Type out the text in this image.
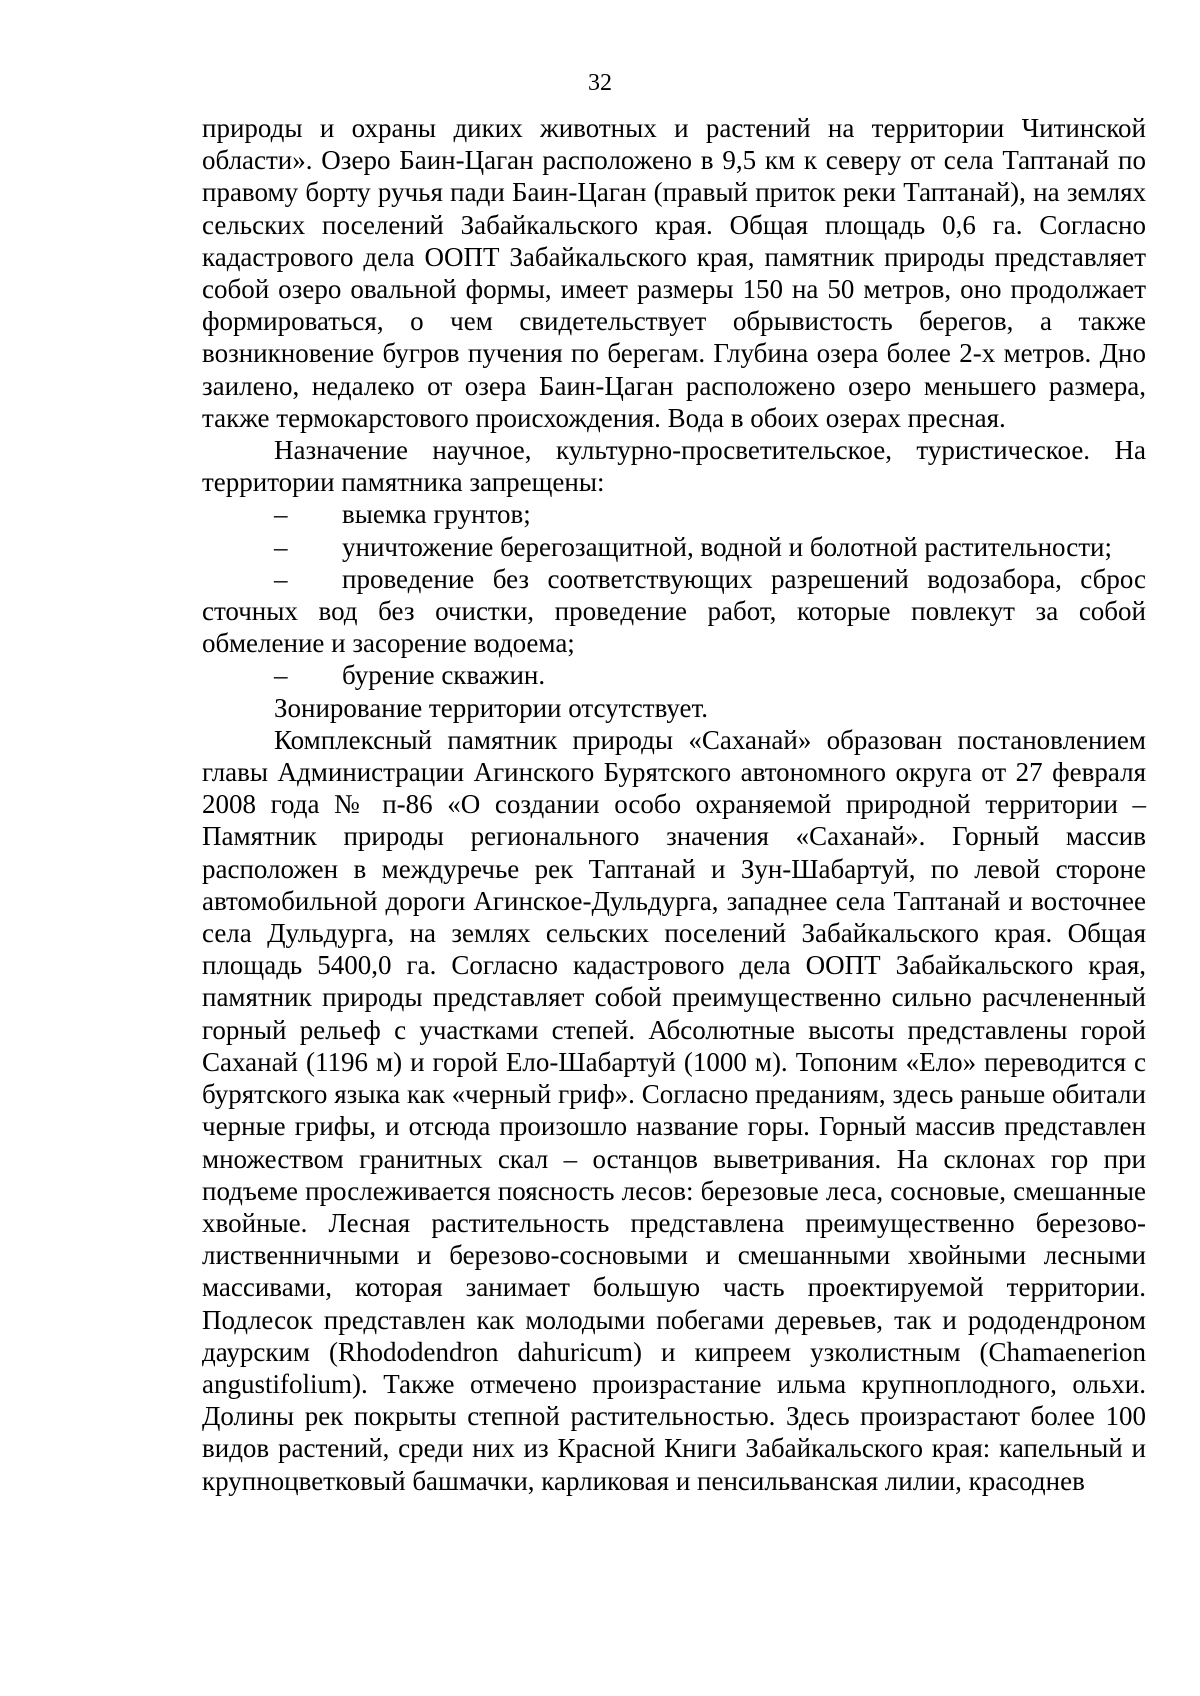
32

природы и охраны диких животных и растений на территории Читинской области». Озеро Баин-Цаган расположено в 9,5 км к северу от села Таптанай по правому борту ручья пади Баин-Цаган (правый приток реки Таптанай), на землях сельских поселений Забайкальского края. Общая площадь 0,6 га. Согласно кадастрового дела ООПТ Забайкальского края, памятник природы представляет собой озеро овальной формы, имеет размеры 150 на 50 метров, оно продолжает формироваться, о чем свидетельствует обрывистость берегов, а также возникновение бугров пучения по берегам. Глубина озера более 2-х метров. Дно заилено, недалеко от озера Баин-Цаган расположено озеро меньшего размера, также термокарстового происхождения. Вода в обоих озерах пресная.

Назначение научное, культурно-просветительское, туристическое. На территории памятника запрещены:

– выемка грунтов;

– уничтожение берегозащитной, водной и болотной растительности;

– проведение без соответствующих разрешений водозабора, сброс сточных вод без очистки, проведение работ, которые повлекут за собой обмеление и засорение водоема;

– бурение скважин.

Зонирование территории отсутствует.

Комплексный памятник природы «Саханай» образован постановлением главы Администрации Агинского Бурятского автономного округа от 27 февраля 2008 года № п-86 «О создании особо охраняемой природной территории – Памятник природы регионального значения «Саханай». Горный массив расположен в междуречье рек Таптанай и Зун-Шабартуй, по левой стороне автомобильной дороги Агинское-Дульдурга, западнее села Таптанай и восточнее села Дульдурга, на землях сельских поселений Забайкальского края. Общая площадь 5400,0 га. Согласно кадастрового дела ООПТ Забайкальского края, памятник природы представляет собой преимущественно сильно расчлененный горный рельеф с участками степей. Абсолютные высоты представлены горой Саханай (1196 м) и горой Ело-Шабартуй (1000 м). Топоним «Ело» переводится с бурятского языка как «черный гриф». Согласно преданиям, здесь раньше обитали черные грифы, и отсюда произошло название горы. Горный массив представлен множеством гранитных скал – останцов выветривания. На склонах гор при подъеме прослеживается поясность лесов: березовые леса, сосновые, смешанные хвойные. Лесная растительность представлена преимущественно березово-лиственничными и березово-сосновыми и смешанными хвойными лесными массивами, которая занимает большую часть проектируемой территории. Подлесок представлен как молодыми побегами деревьев, так и рододендроном даурским (Rhododendron dahuricum) и кипреем узколистным (Chamaenerion angustifolium). Также отмечено произрастание ильма крупноплодного, ольхи. Долины рек покрыты степной растительностью. Здесь произрастают более 100 видов растений, среди них из Красной Книги Забайкальского края: капельный и крупноцветковый башмачки, карликовая и пенсильванская лилии, красоднев
